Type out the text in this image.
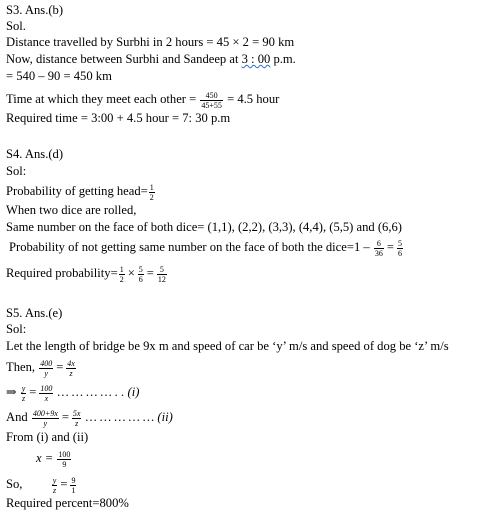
S3. Ans.(b)
Sol.
Distance travelled by Surbhi in 2 hours = 45 × 2 = 90 km
Now, distance between Surbhi and Sandeep at 3 : 00 p.m.
= 540 – 90 = 450 km
Time at which they meet each other = $\frac{450}{45+55} = 4.5$ hour
Required time = 3:00 + 4.5 hour = 7: 30 p.m
S4. Ans.(d)
Sol:
Probability of getting head= $\frac{1}{2}$
When two dice are rolled,
Same number on the face of both dice= (1,1), (2,2), (3,3), (4,4), (5,5) and (6,6)
Probability of not getting same number on the face of both the dice=1 – $\frac{6}{36} = \frac{5}{6}$
Required probability= $\frac{1}{2} \times \frac{5}{6} = \frac{5}{12}$
S5. Ans.(e)
Sol:
Let the length of bridge be 9x m and speed of car be ‘y’ m/s and speed of dog be ‘z’ m/s
Then, $\frac{400}{y} = \frac{4x}{z}$
⇒ $\frac{y}{z} = \frac{100}{x}$ … … … … . . (i)
And $\frac{400+9x}{y} = \frac{5x}{z}$ … … … … … (ii)
From (i) and (ii)
$x = \frac{100}{9}$
So,	$\frac{y}{z} = \frac{9}{1}$
Required percent=800%
